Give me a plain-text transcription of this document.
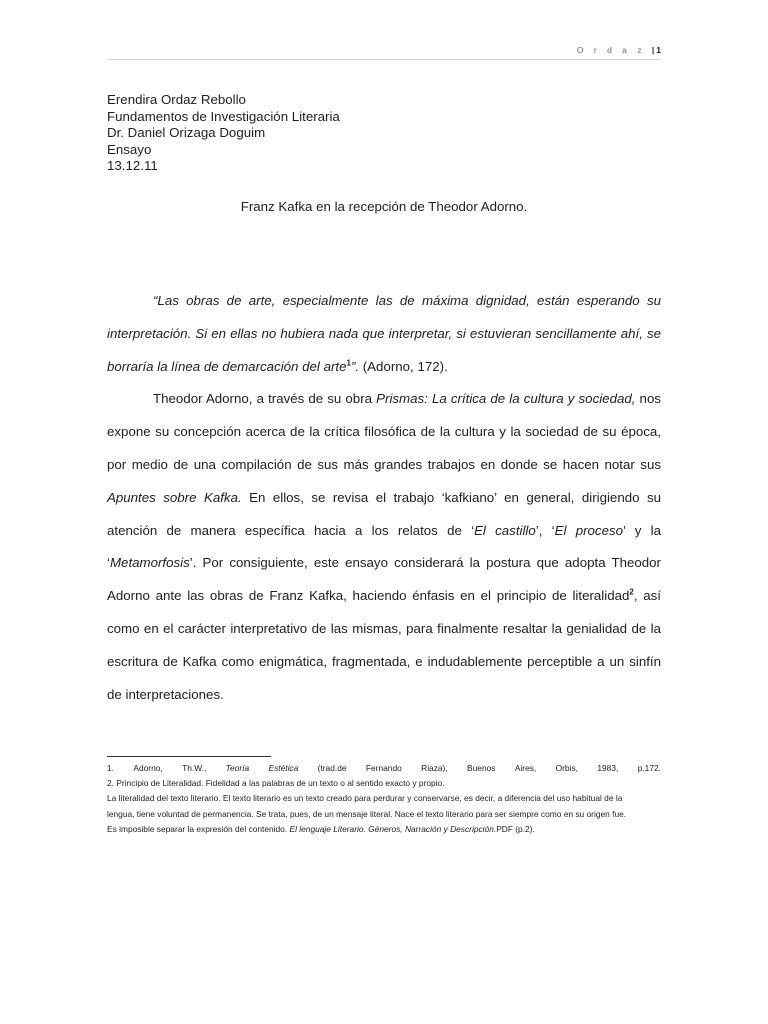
O r d a z | 1
Erendira Ordaz Rebollo
Fundamentos de Investigación Literaria
Dr. Daniel Orizaga Doguim
Ensayo
13.12.11
Franz Kafka en la recepción de Theodor Adorno.

“Las obras de arte, especialmente las de máxima dignidad, están esperando su interpretación. Si en ellas no hubiera nada que interpretar, si estuvieran sencillamente ahí, se borraría la línea de demarcación del arte$^1$”. (Adorno, 172).

Theodor Adorno, a través de su obra Prismas: La crítica de la cultura y sociedad, nos expone su concepción acerca de la crítica filosófica de la cultura y la sociedad de su época, por medio de una compilación de sus más grandes trabajos en donde se hacen notar sus Apuntes sobre Kafka. En ellos, se revisa el trabajo ‘kafkiano’ en general, dirigiendo su atención de manera específica hacia a los relatos de ‘El castillo’, ‘El proceso’ y la ‘Metamorfosis’. Por consiguiente, este ensayo considerará la postura que adopta Theodor Adorno ante las obras de Franz Kafka, haciendo énfasis en el principio de literalidad$^2$, así como en el carácter interpretativo de las mismas, para finalmente resaltar la genialidad de la escritura de Kafka como enigmática, fragmentada, e indudablemente perceptible a un sinfín de interpretaciones.

1. Adorno, Th.W., Teoría Estética (trad.de Fernando Riaza), Buenos Aires, Orbis, 1983, p.172.
2. Principio de Literalidad. Fidelidad a las palabras de un texto o al sentido exacto y propio.
La literalidad del texto literario. El texto literario es un texto creado para perdurar y conservarse, es decir, a diferencia del uso habitual de la
lengua, tiene voluntad de permanencia. Se trata, pues, de un mensaje literal. Nace el texto literario para ser siempre como en su origen fue.
Es imposible separar la expresión del contenido. El lenguaje Literario. Géneros, Narración y Descripción.PDF (p.2).
